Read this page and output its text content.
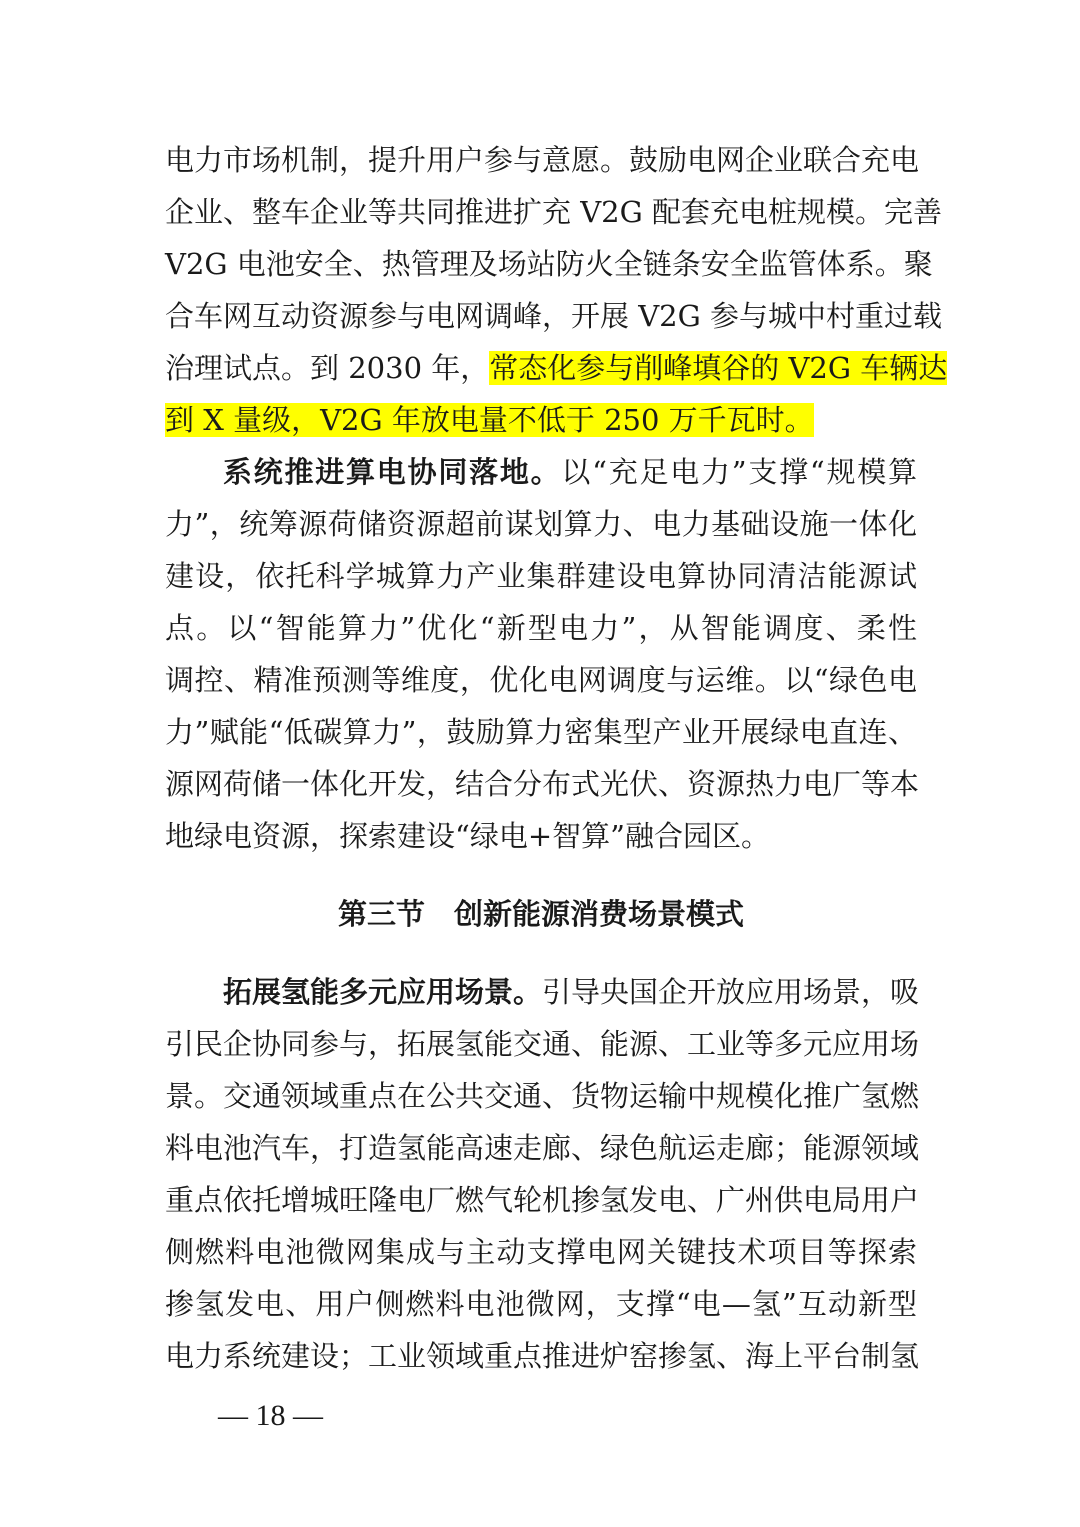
电力市场机制，提升用户参与意愿。鼓励电网企业联合充电
企业、整车企业等共同推进扩充 V2G 配套充电桩规模。完善
V2G 电池安全、热管理及场站防火全链条安全监管体系。聚
合车网互动资源参与电网调峰，开展 V2G 参与城中村重过载
治理试点。到 2030 年，常态化参与削峰填谷的 V2G 车辆达
到 X 量级，V2G 年放电量不低于 250 万千瓦时。
系统推进算电协同落地。以“充足电力”支撑“规模算
力”，统筹源荷储资源超前谋划算力、电力基础设施一体化
建设，依托科学城算力产业集群建设电算协同清洁能源试
点。以“智能算力”优化“新型电力”，从智能调度、柔性
调控、精准预测等维度，优化电网调度与运维。以“绿色电
力”赋能“低碳算力”，鼓励算力密集型产业开展绿电直连、
源网荷储一体化开发，结合分布式光伏、资源热力电厂等本
地绿电资源，探索建设“绿电+智算”融合园区。
第三节　创新能源消费场景模式
拓展氢能多元应用场景。引导央国企开放应用场景，吸
引民企协同参与，拓展氢能交通、能源、工业等多元应用场
景。交通领域重点在公共交通、货物运输中规模化推广氢燃
料电池汽车，打造氢能高速走廊、绿色航运走廊；能源领域
重点依托增城旺隆电厂燃气轮机掺氢发电、广州供电局用户
侧燃料电池微网集成与主动支撑电网关键技术项目等探索
掺氢发电、用户侧燃料电池微网，支撑“电—氢”互动新型
电力系统建设；工业领域重点推进炉窑掺氢、海上平台制氢
— 18 —
